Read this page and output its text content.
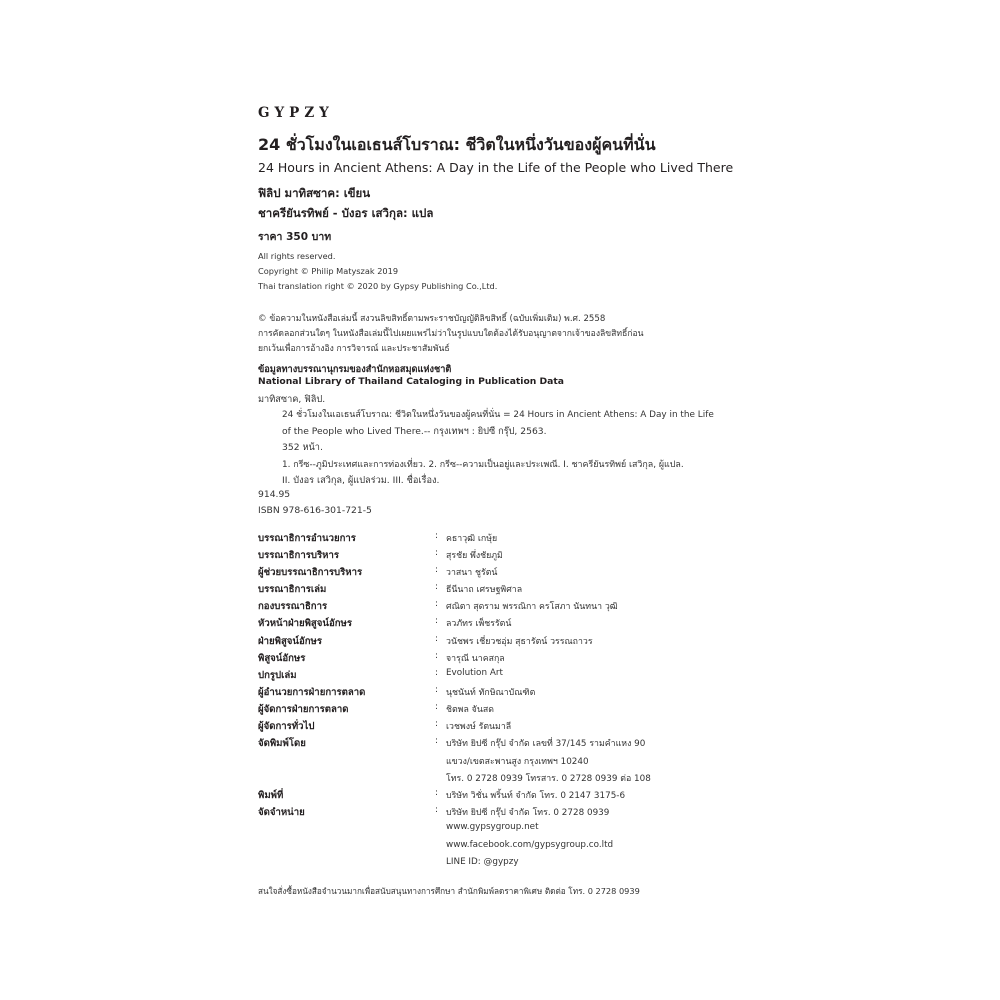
GYPZY
24 ชั่วโมงในเอเธนส์โบราณ: ชีวิตในหนึ่งวันของผู้คนที่นั่น
24 Hours in Ancient Athens: A Day in the Life of the People who Lived There
ฟิลิป มาทิสซาค: เขียน
ชาครียันรทิพย์ - บังอร เสวิกุล: แปล
ราคา 350 บาท
All rights reserved.
Copyright © Philip Matyszak 2019
Thai translation right © 2020 by Gypsy Publishing Co.,Ltd.
© ข้อความในหนังสือเล่มนี้ สงวนลิขสิทธิ์ตามพระราชบัญญัติลิขสิทธิ์ (ฉบับเพิ่มเติม) พ.ศ. 2558
การคัดลอกส่วนใดๆ ในหนังสือเล่มนี้ไปเผยแพร่ไม่ว่าในรูปแบบใดต้องได้รับอนุญาตจากเจ้าของลิขสิทธิ์ก่อน
ยกเว้นเพื่อการอ้างอิง การวิจารณ์ และประชาสัมพันธ์
ข้อมูลทางบรรณานุกรมของสำนักหอสมุดแห่งชาติ
National Library of Thailand Cataloging in Publication Data
มาทิสซาค, ฟิลิป.
24 ชั่วโมงในเอเธนส์โบราณ: ชีวิตในหนึ่งวันของผู้คนที่นั่น = 24 Hours in Ancient Athens: A Day in the Life
of the People who Lived There.-- กรุงเทพฯ : ยิปซี กรุ๊ป, 2563.
352 หน้า.
1. กรีซ--ภูมิประเทศและการท่องเที่ยว. 2. กรีซ--ความเป็นอยู่และประเพณี. I. ชาครียันรทิพย์ เสวิกุล, ผู้แปล.
II. บังอร เสวิกุล, ผู้แปลร่วม. III. ชื่อเรื่อง.
914.95
ISBN 978-616-301-721-5
บรรณาธิการอำนวยการ	: คธาวุฒิ เกษุ้ย
บรรณาธิการบริหาร	: สุรชัย พึ่งชัยภูมิ
ผู้ช่วยบรรณาธิการบริหาร	: วาสนา ชูรัตน์
บรรณาธิการเล่ม	: ธีนีนาถ เศรษฐพิศาล
กองบรรณาธิการ	: ศณิตา สุดราม พรรณิกา ครโสภา นันทนา วุฒิ
หัวหน้าฝ่ายพิสูจน์อักษร	: ลวภัทร เพ็ชรรัตน์
ฝ่ายพิสูจน์อักษร	: วนัชพร เชี่ยวชอุ่ม สุธารัตน์ วรรณถาวร
พิสูจน์อักษร	: จารุณี นาคสกุล
ปกรูปเล่ม	: Evolution Art
ผู้อำนวยการฝ่ายการตลาด	: นุชนันท์ ทักษิณาบัณฑิต
ผู้จัดการฝ่ายการตลาด	: ชิตพล จันสด
ผู้จัดการทั่วไป	: เวชพงษ์ รัตนมาลี
จัดพิมพ์โดย	: บริษัท ยิปซี กรุ๊ป จำกัด เลขที่ 37/145 รามคำแหง 90
แขวง/เขตสะพานสูง กรุงเทพฯ 10240
โทร. 0 2728 0939 โทรสาร. 0 2728 0939 ต่อ 108
พิมพ์ที่	: บริษัท วิชั่น พริ้นท์ จำกัด โทร. 0 2147 3175-6
จัดจำหน่าย	: บริษัท ยิปซี กรุ๊ป จำกัด โทร. 0 2728 0939
www.gypsygroup.net
www.facebook.com/gypsygroup.co.ltd
LINE ID: @gypzy
สนใจสั่งซื้อหนังสือจำนวนมากเพื่อสนับสนุนทางการศึกษา สำนักพิมพ์ลดราคาพิเศษ ติดต่อ โทร. 0 2728 0939
